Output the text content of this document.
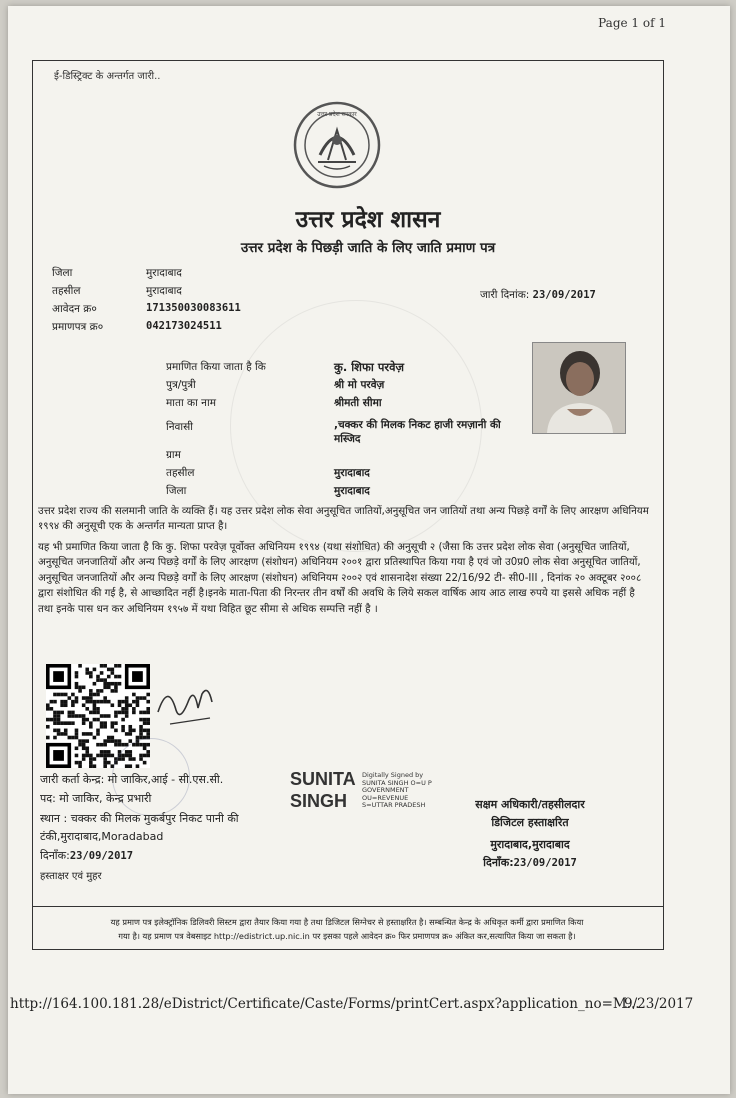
Page 1 of 1
ई-डिस्ट्रिक्ट के अन्तर्गत जारी..
उत्तर प्रदेश सरकार
उत्तर प्रदेश शासन
उत्तर प्रदेश के पिछड़ी जाति के लिए जाति प्रमाण पत्र
जिला	मुरादाबाद
तहसील	मुरादाबाद
आवेदन क्र०	171350030083611
प्रमाणपत्र क्र०	042173024511
जारी दिनांक: 23/09/2017
प्रमाणित किया जाता है कि	कु. शिफा परवेज़
पुत्र/पुत्री	श्री मो परवेज़
माता का नाम	श्रीमती सीमा
निवासी	,चक्कर की मिलक निकट हाजी रमज़ानी की मस्जिद
ग्राम
तहसील	मुरादाबाद
जिला	मुरादाबाद
उत्तर प्रदेश राज्य की सलमानी जाति के व्यक्ति हैं। यह उत्तर प्रदेश लोक सेवा अनुसूचित जातियों,अनुसूचित जन जातियों तथा अन्य पिछड़े वर्गों के लिए आरक्षण अधिनियम १९९४ की अनुसूची एक के अन्तर्गत मान्यता प्राप्त है।
यह भी प्रमाणित किया जाता है कि कु. शिफा परवेज़ पूर्वोक्त अधिनियम १९९४ (यथा संशोधित) की अनुसूची २ (जैसा कि उत्तर प्रदेश लोक सेवा (अनुसूचित जातियों, अनुसूचित जनजातियों और अन्य पिछड़े वर्गों के लिए आरक्षण (संशोधन) अधिनियम २००१ द्वारा प्रतिस्थापित किया गया है एवं जो उ0प्र0 लोक सेवा अनुसूचित जातियों, अनुसूचित जनजातियों और अन्य पिछड़े वर्गों के लिए आरक्षण (संशोधन) अधिनियम २००२ एवं शासनादेश संख्या 22/16/92 टी- सी0-III , दिनांक २० अक्टूबर २००८ द्वारा संशोधित की गई है, से आच्छादित नहीं है।इनके माता-पिता की निरन्तर तीन वर्षों की अवधि के लिये सकल वार्षिक आय आठ लाख रुपये या इससे अधिक नहीं है तथा इनके पास धन कर अधिनियम १९५७ में यथा विहित छूट सीमा से अधिक सम्पत्ति नहीं है ।
जारी कर्ता केन्द्र: मो जाकिर,आई - सी.एस.सी.
पद: मो जाकिर, केन्द्र प्रभारी
स्थान : चक्कर की मिलक मुकर्बपुर निकट पानी की टंकी,मुरादाबाद,Moradabad
दिनाँक:23/09/2017
हस्ताक्षर एवं मुहर
SUNITA
SINGH
Digitally Signed by
SUNITA SINGH O=U P
GOVERNMENT
OU=REVENUE
S=UTTAR PRADESH	सक्षम अधिकारी/तहसीलदार
डिजिटल हस्ताक्षरित
मुरादाबाद,मुरादाबाद
दिनाँक:23/09/2017
यह प्रमाण पत्र इलेक्ट्रॉनिक डिलिवरी सिस्टम द्वारा तैयार किया गया है तथा डिजिटल सिग्नेचर से हस्ताक्षरित है। सम्बन्धित केन्द्र के अधिकृत कर्मी द्वारा प्रमाणित किया
गया है। यह प्रमाण पत्र वेबसाइट http://edistrict.up.nic.in पर इसका पहले आवेदन क्र० फिर प्रमाणपत्र क्र० अंकित कर,सत्यापित किया जा सकता है।
http://164.100.181.28/eDistrict/Certificate/Caste/Forms/printCert.aspx?application_no=M...
9/23/2017
